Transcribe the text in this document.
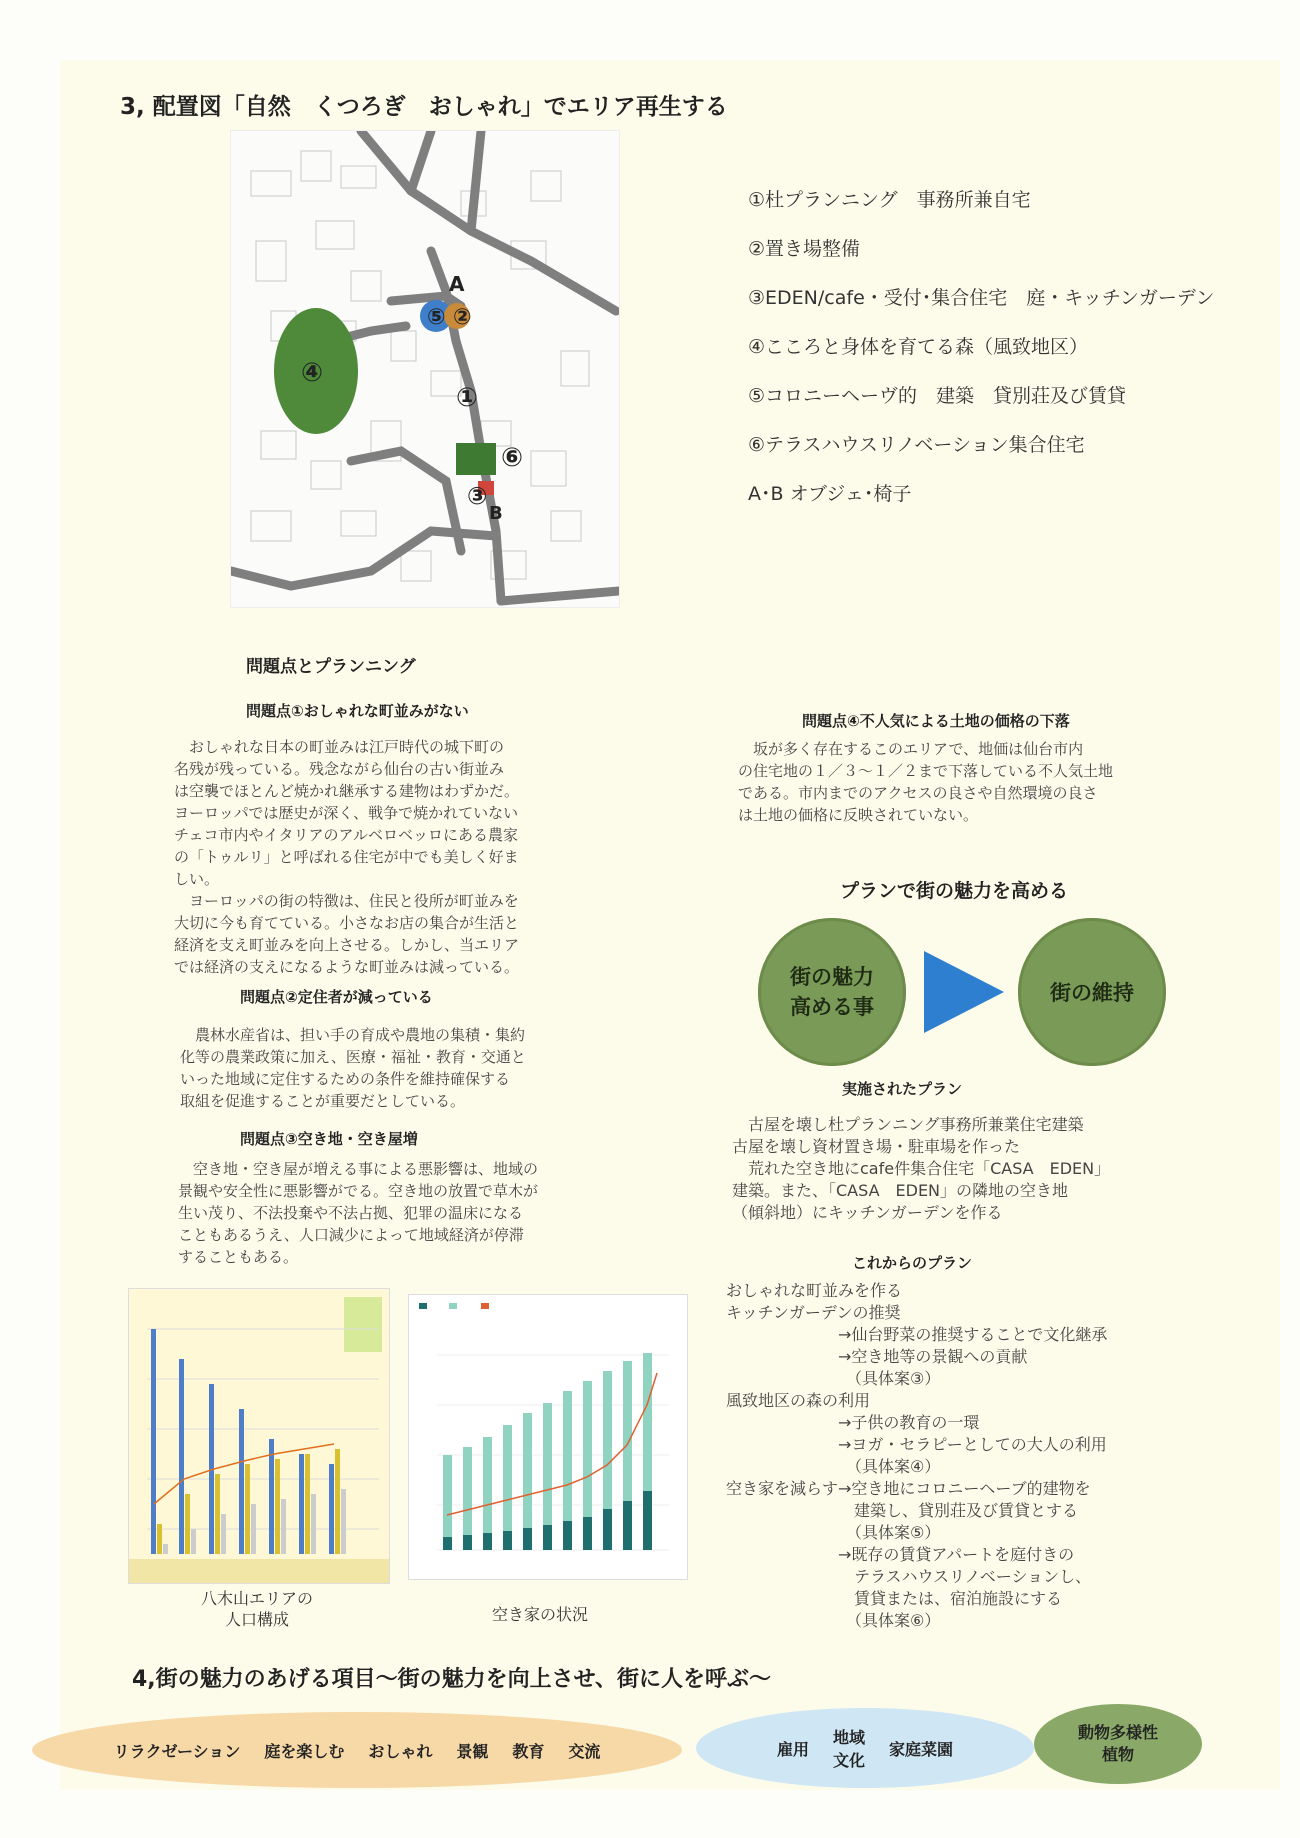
3, 配置図「自然　くつろぎ　おしゃれ」でエリア再生する
A
⑤ ②
④
①
⑥
③
B
①杜プランニング　事務所兼自宅
②置き場整備
③EDEN/cafe・受付･集合住宅　庭・キッチンガーデン
④こころと身体を育てる森（風致地区）
⑤コロニーヘーヴ的　建築　貸別荘及び賃貸
⑥テラスハウスリノベーション集合住宅
A･B オブジェ･椅子
問題点とプランニング
問題点①おしゃれな町並みがない

おしゃれな日本の町並みは江戸時代の城下町の

名残が残っている。残念ながら仙台の古い街並み

は空襲でほとんど焼かれ継承する建物はわずかだ。

ヨーロッパでは歴史が深く、戦争で焼かれていない

チェコ市内やイタリアのアルベロベッロにある農家

の「トゥルリ」と呼ばれる住宅が中でも美しく好ま

しい。

ヨーロッパの街の特徴は、住民と役所が町並みを

大切に今も育てている。小さなお店の集合が生活と

経済を支え町並みを向上させる。しかし、当エリア

では経済の支えになるような町並みは減っている。

問題点②定住者が減っている

農林水産省は、担い手の育成や農地の集積・集約

化等の農業政策に加え、医療・福祉・教育・交通と

いった地域に定住するための条件を維持確保する

取組を促進することが重要だとしている。

問題点③空き地・空き屋増

空き地・空き屋が増える事による悪影響は、地域の

景観や安全性に悪影響がでる。空き地の放置で草木が

生い茂り、不法投棄や不法占拠、犯罪の温床になる

こともあるうえ、人口減少によって地域経済が停滞

することもある。

問題点④不人気による土地の価格の下落

坂が多く存在するこのエリアで、地価は仙台市内

の住宅地の１／３～１／２まで下落している不人気土地

である。市内までのアクセスの良さや自然環境の良さ

は土地の価格に反映されていない。

プランで街の魅力を高める
街の魅力
高める事
街の維持
実施されたプラン

古屋を壊し杜プランニング事務所兼業住宅建築

古屋を壊し資材置き場・駐車場を作った

荒れた空き地にcafe件集合住宅「CASA　EDEN」

建築。また、「CASA　EDEN」の隣地の空き地

（傾斜地）にキッチンガーデンを作る

これからのプラン
おしゃれな町並みを作る
キッチンガーデンの推奨
　　　　　　　→仙台野菜の推奨することで文化継承
　　　　　　　→空き地等の景観への貢献
　　　　　　　　（具体案③）
風致地区の森の利用
　　　　　　　→子供の教育の一環
　　　　　　　→ヨガ・セラピーとしての大人の利用
　　　　　　　　（具体案④）
空き家を減らす→空き地にコロニーヘーブ的建物を
　　　　　　　　建築し、貸別荘及び賃貸とする
　　　　　　　　（具体案⑤）
　　　　　　　→既存の賃貸アパートを庭付きの
　　　　　　　　テラスハウスリノベーションし、
　　　　　　　　賃貸または、宿泊施設にする
　　　　　　　　（具体案⑥）
八木山エリアの
人口構成	空き家の状況
4,街の魅力のあげる項目～街の魅力を向上させ、街に人を呼ぶ～
リラクゼーション 庭を楽しむ おしゃれ 景観 教育 交流	雇用
地域
文化
家庭菜園
動物多様性
植物
